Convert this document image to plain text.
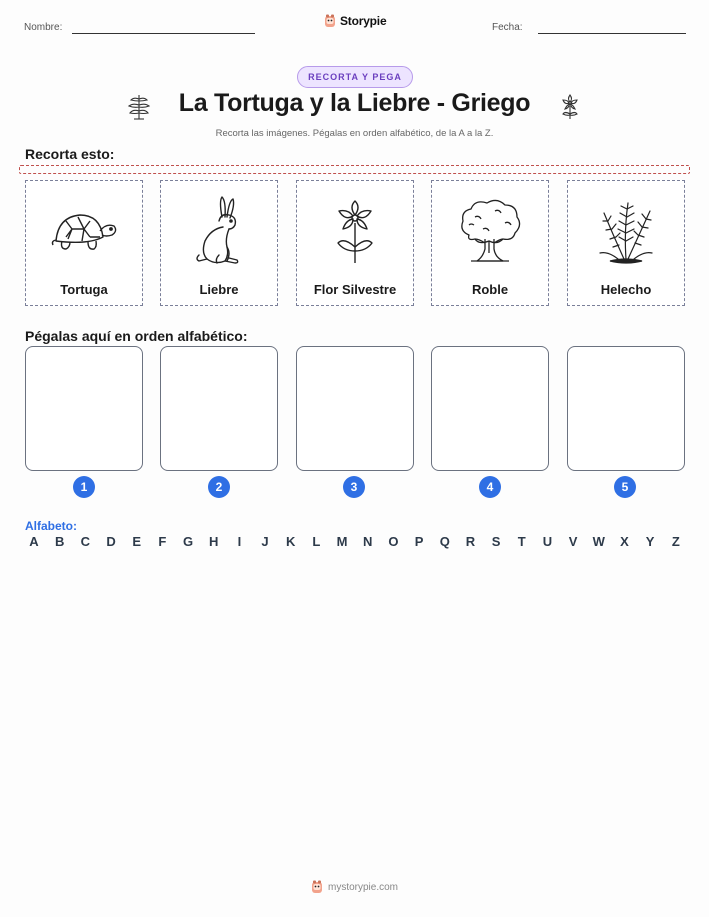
Nombre:	Storypie	Fecha:
RECORTA Y PEGA
La Tortuga y la Liebre - Griego
Recorta las imágenes. Pégalas en orden alfabético, de la A a la Z.
Recorta esto:
Tortuga	Liebre	Flor Silvestre	Roble	Helecho
Pégalas aquí en orden alfabético:
1	2	3	4	5
Alfabeto:
A	B	C	D	E	F	G	H	I	J	K	L	M	N	O	P	Q	R	S	T	U	V	W	X	Y	Z
mystorypie.com
